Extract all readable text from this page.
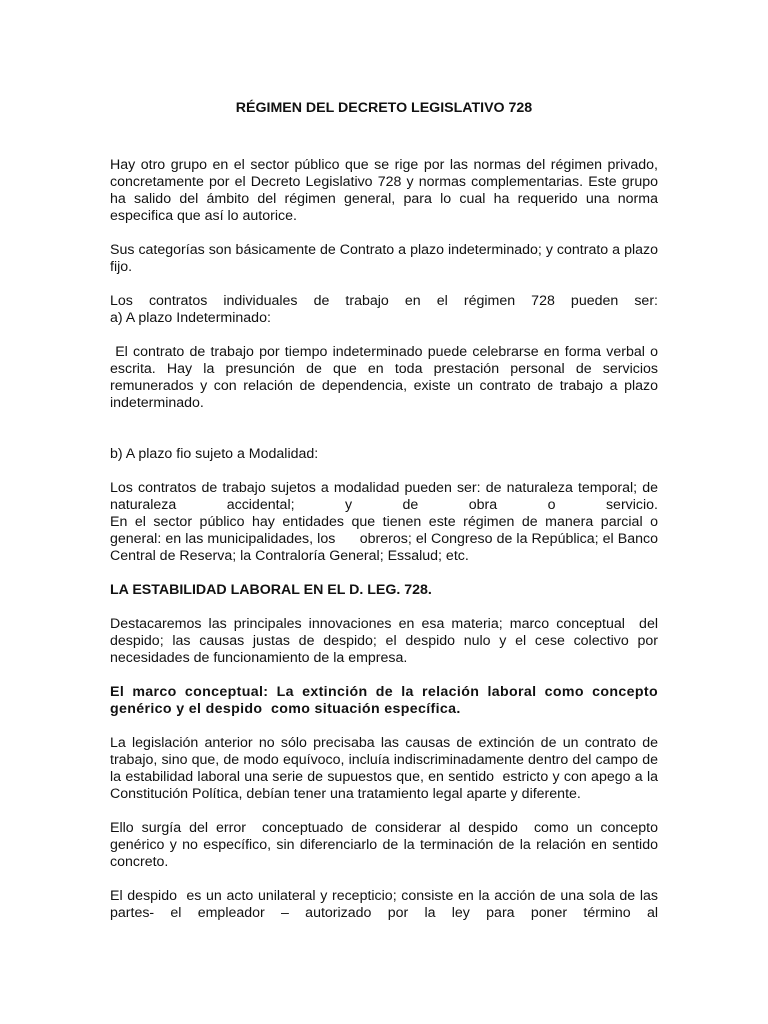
RÉGIMEN DEL DECRETO LEGISLATIVO 728

Hay otro grupo en el sector público que se rige por las normas del régimen privado, concretamente por el Decreto Legislativo 728 y normas complementarias. Este grupo ha salido del ámbito del régimen general, para lo cual ha requerido una norma especifica que así lo autorice.

Sus categorías son básicamente de Contrato a plazo indeterminado; y contrato a plazo fijo.

Los contratos individuales de trabajo en el régimen 728 pueden ser:
a) A plazo Indeterminado:

El contrato de trabajo por tiempo indeterminado puede celebrarse en forma verbal o escrita. Hay la presunción de que en toda prestación personal de servicios remunerados y con relación de dependencia, existe un contrato de trabajo a plazo indeterminado.

b) A plazo fio sujeto a Modalidad:

Los contratos de trabajo sujetos a modalidad pueden ser: de naturaleza temporal; de naturaleza accidental; y de obra o servicio.
En el sector público hay entidades que tienen este régimen de manera parcial o general: en las municipalidades, los      obreros; el Congreso de la República; el Banco Central de Reserva; la Contraloría General; Essalud; etc.

LA ESTABILIDAD LABORAL EN EL D. LEG. 728.

Destacaremos las principales innovaciones en esa materia; marco conceptual  del despido; las causas justas de despido; el despido nulo y el cese colectivo por necesidades de funcionamiento de la empresa.

El marco conceptual: La extinción de la relación laboral como concepto genérico y el despido  como situación específica.

La legislación anterior no sólo precisaba las causas de extinción de un contrato de trabajo, sino que, de modo equívoco, incluía indiscriminadamente dentro del campo de la estabilidad laboral una serie de supuestos que, en sentido  estricto y con apego a la Constitución Política, debían tener una tratamiento legal aparte y diferente.

Ello surgía del error  conceptuado de considerar al despido  como un concepto genérico y no específico, sin diferenciarlo de la terminación de la relación en sentido concreto.

El despido  es un acto unilateral y recepticio; consiste en la acción de una sola de las partes- el empleador – autorizado por la ley para poner término al
